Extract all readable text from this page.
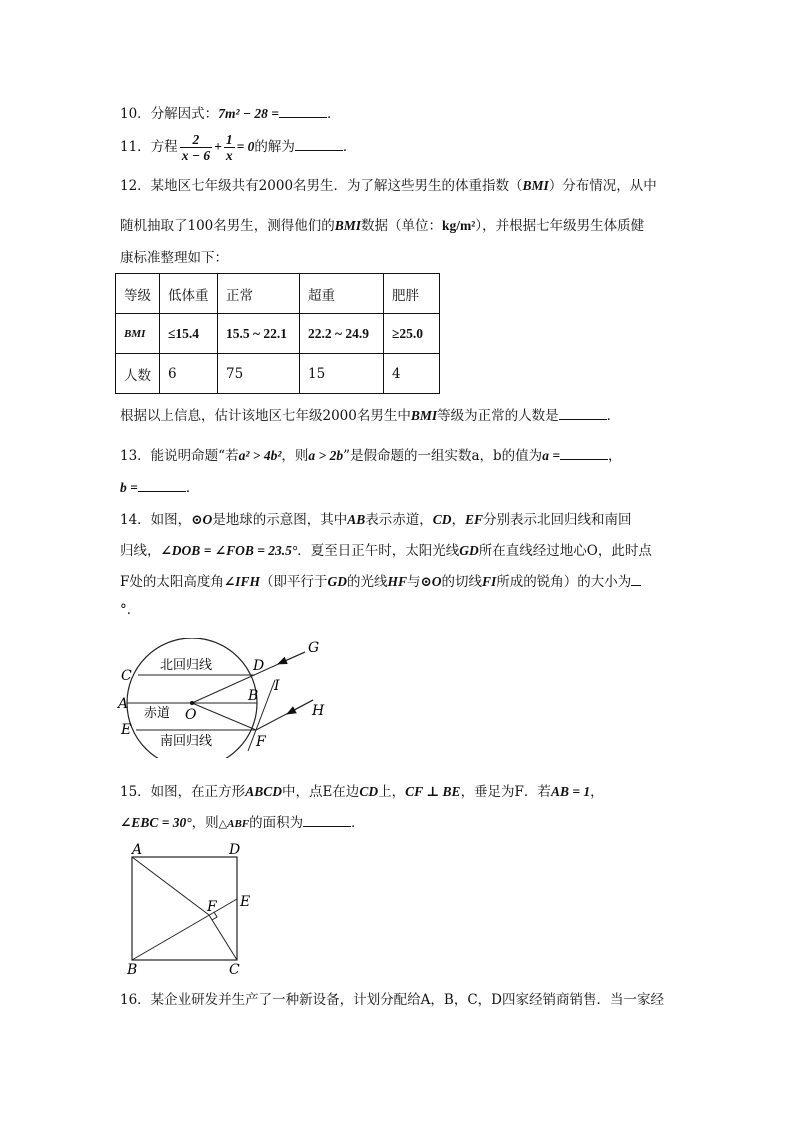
10．分解因式：7m² − 28 =	．
11．方程 $\frac{2}{x - 6} + \frac{1}{x} = 0$的解为	．
12．某地区七年级共有2000名男生．为了解这些男生的体重指数（BMI）分布情况，从中
随机抽取了100名男生，测得他们的BMI数据（单位：kg/m²），并根据七年级男生体质健
康标准整理如下：
等级	低体重	正常	超重	肥胖
BMI	≤15.4	15.5 ~ 22.1	22.2 ~ 24.9	≥25.0
人数	6	75	15	4
根据以上信息，估计该地区七年级2000名男生中BMI等级为正常的人数是	．
13．能说明命题“若a² > 4b²，则a > 2b”是假命题的一组实数a，b的值为a =	，
b =	．
14．如图，⊙O是地球的示意图，其中AB表示赤道，CD，EF分别表示北回归线和南回
归线，∠DOB = ∠FOB = 23.5°．夏至日正午时，太阳光线GD所在直线经过地心O，此时点
F处的太阳高度角∠IFH（即平行于GD的光线HF与⊙O的切线FI所成的锐角）的大小为
°．
G
C
D
A	B
O
I
H
E
F
北回归线
赤道
南回归线
15．如图，在正方形ABCD中，点E在边CD上，CF ⊥ BE，垂足为F．若AB = 1，
∠EBC = 30°，则△ABF的面积为	．
A	D
E
F
B	C
16．某企业研发并生产了一种新设备，计划分配给A，B，C，D四家经销商销售．当一家经
